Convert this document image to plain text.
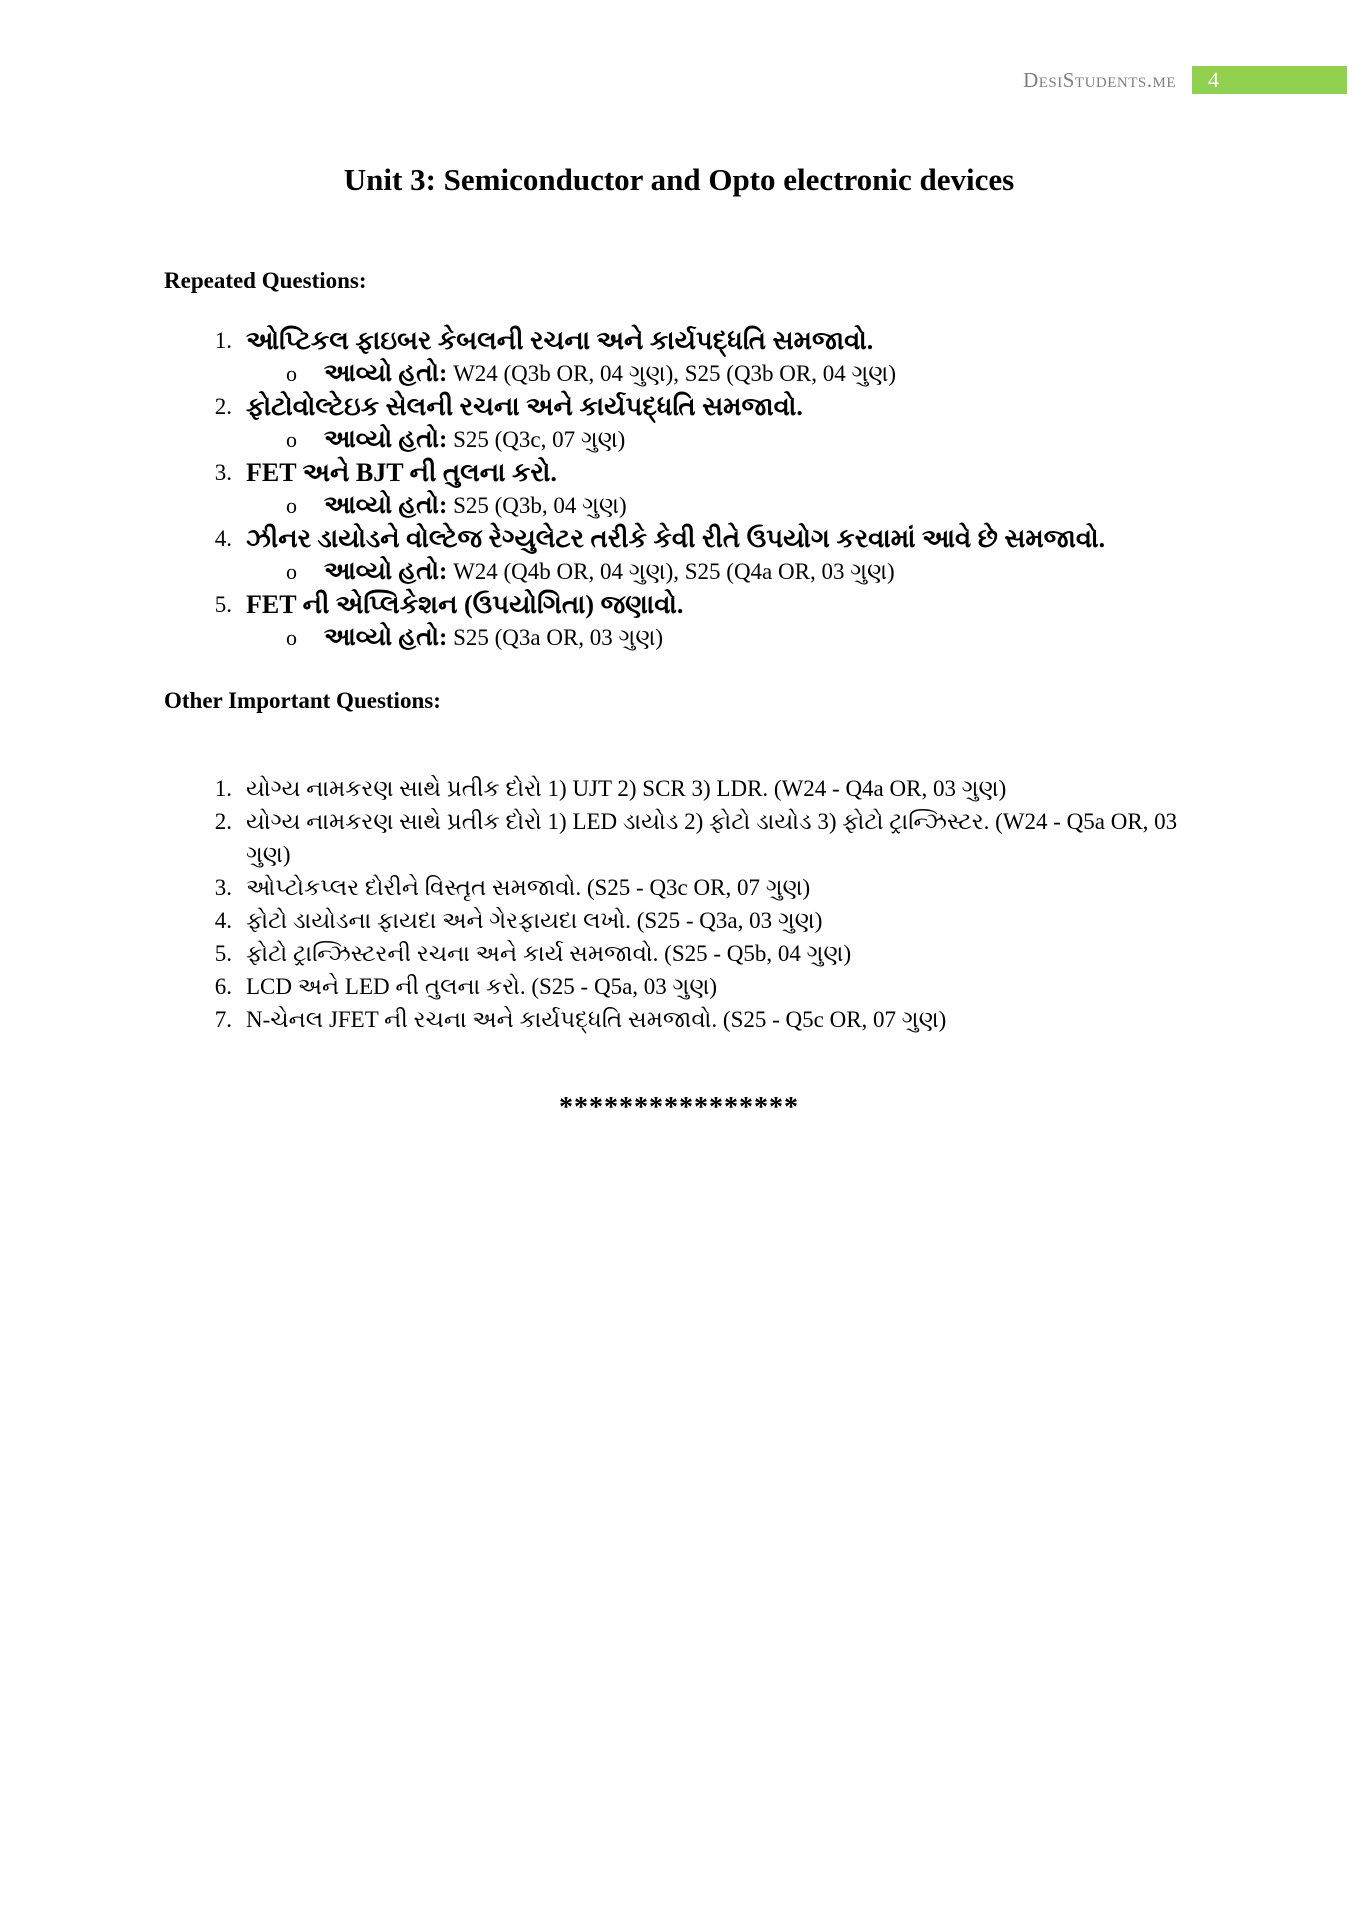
DesiStudents.me 4
Unit 3: Semiconductor and Opto electronic devices
Repeated Questions:
1. ઓપ્ટિકલ ફાઇબર કેબલની રચના અને કાર્યપદ્ધતિ સમજાવો.
o	આવ્યો હતો: W24 (Q3b OR, 04 ગુણ), S25 (Q3b OR, 04 ગુણ)
2. ફોટોવોલ્ટેઇક સેલની રચના અને કાર્યપદ્ધતિ સમજાવો.
o	આવ્યો હતો: S25 (Q3c, 07 ગુણ)
3. FET અને BJT ની તુલના કરો.
o	આવ્યો હતો: S25 (Q3b, 04 ગુણ)
4. ઝીનર ડાયોડને વોલ્ટેજ રેગ્યુલેટર તરીકે કેવી રીતે ઉપયોગ કરવામાં આવે છે સમજાવો.
o	આવ્યો હતો: W24 (Q4b OR, 04 ગુણ), S25 (Q4a OR, 03 ગુણ)
5. FET ની એપ્લિકેશન (ઉપયોગિતા) જણાવો.
o	આવ્યો હતો: S25 (Q3a OR, 03 ગુણ)
Other Important Questions:
1. યોગ્ય નામકરણ સાથે પ્રતીક દોરો 1) UJT 2) SCR 3) LDR. (W24 - Q4a OR, 03 ગુણ)
2. યોગ્ય નામકરણ સાથે પ્રતીક દોરો 1) LED ડાયોડ 2) ફોટો ડાયોડ 3) ફોટો ટ્રાન્ઝિસ્ટર. (W24 - Q5a OR, 03 ગુણ)
3. ઓપ્ટોકપ્લર દોરીને વિસ્તૃત સમજાવો. (S25 - Q3c OR, 07 ગુણ)
4. ફોટો ડાયોડના ફાયદા અને ગેરફાયદા લખો. (S25 - Q3a, 03 ગુણ)
5. ફોટો ટ્રાન્ઝિસ્ટરની રચના અને કાર્ય સમજાવો. (S25 - Q5b, 04 ગુણ)
6. LCD અને LED ની તુલના કરો. (S25 - Q5a, 03 ગુણ)
7. N-ચેનલ JFET ની રચના અને કાર્યપદ્ધતિ સમજાવો. (S25 - Q5c OR, 07 ગુણ)
****************
